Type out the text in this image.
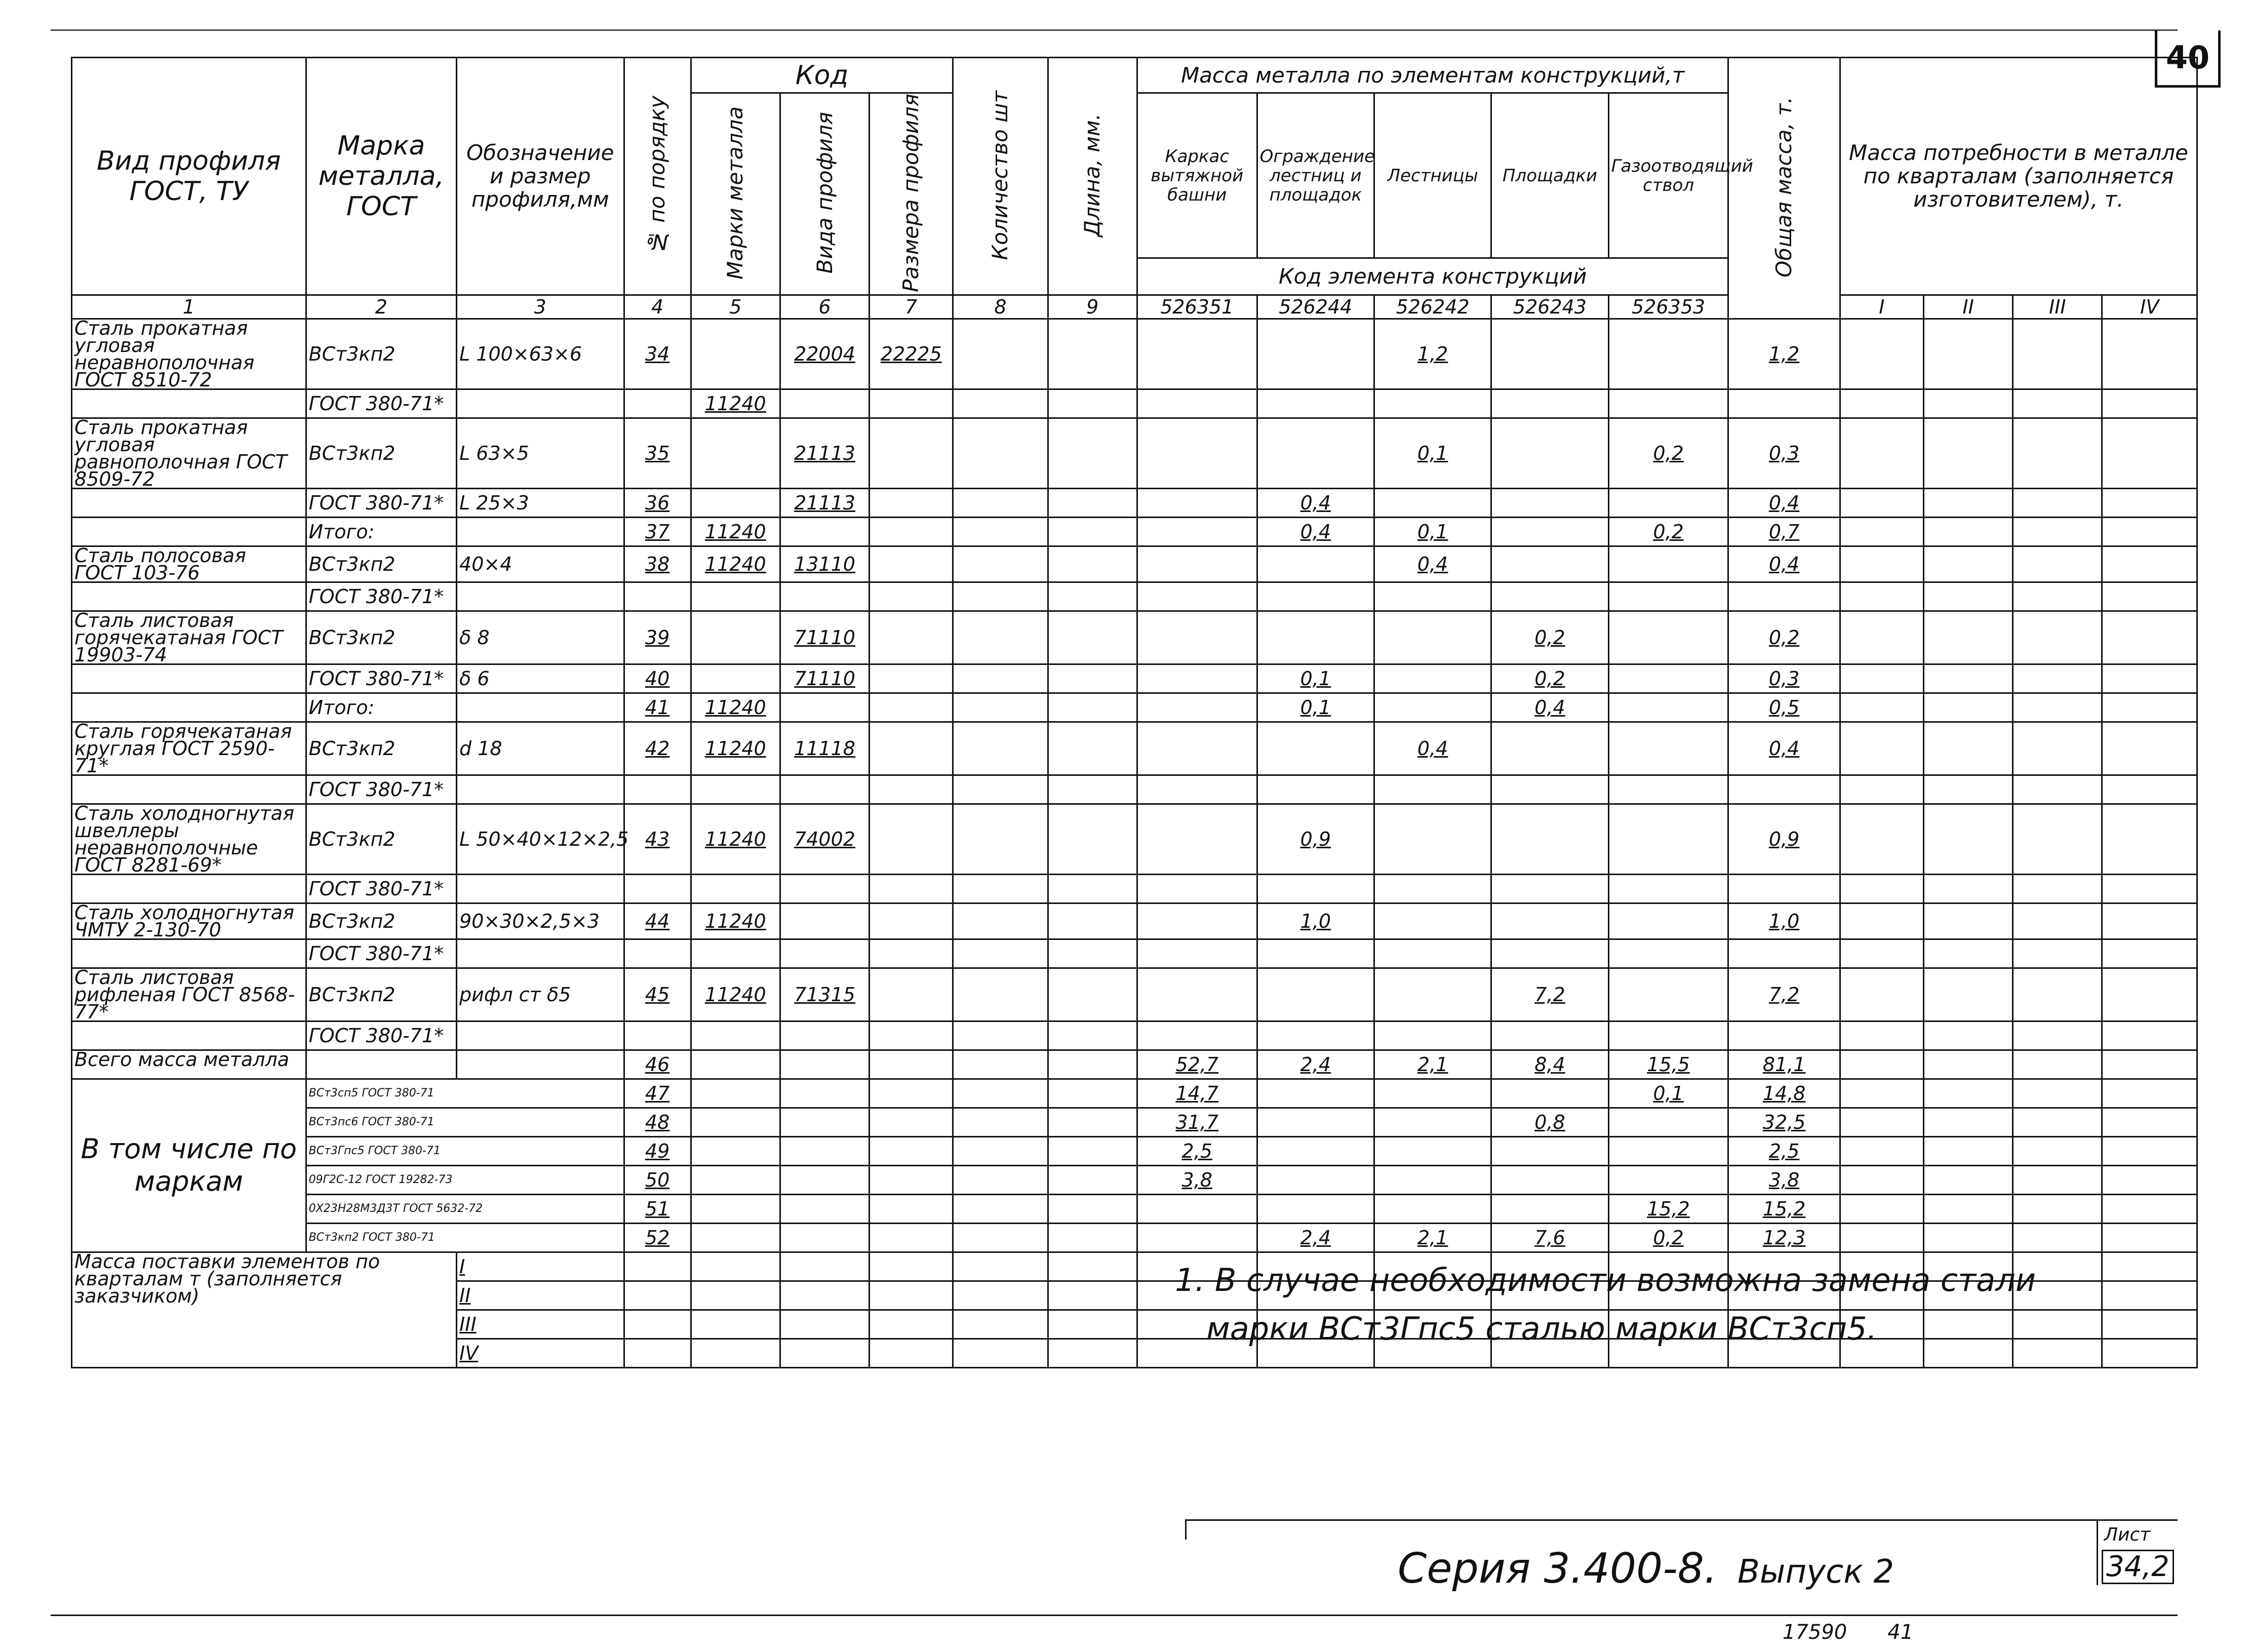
40
Вид профиля ГОСТ, ТУ	Марка металла, ГОСТ	Обозначение и размер профиля,мм	№ по порядку	Код			Количество шт	Длина, мм.	Масса металла по элементам конструкций,т					Общая масса, т.	Масса потребности в металле по кварталам (заполняется изготовителем), т.			
				Марки металла	Вида профиля	Размера профиля			Каркас вытяжной башни	Ограждение лестниц и площадок	Лестницы	Площадки	Газоотводящий ствол					
									Код элемента конструкций									
1	2	3	4	5	6	7	8	9	526351	526244	526242	526243	526353		I	II	III	IV
Сталь прокатная угловая неравнополочная ГОСТ 8510-72	ВСт3кп2	L 100×63×6	34		22004	22225					1,2			1,2				
	ГОСТ 380-71*			11240														
Сталь прокатная угловая равнополочная ГОСТ 8509-72	ВСт3кп2	L 63×5	35		21113						0,1		0,2	0,3				
	ГОСТ 380-71*	L 25×3	36		21113					0,4				0,4				
	Итого:		37	11240						0,4	0,1		0,2	0,7				
Сталь полосовая ГОСТ 103-76	ВСт3кп2	40×4	38	11240	13110						0,4			0,4				
	ГОСТ 380-71*																	
Сталь листовая горячекатаная ГОСТ 19903-74	ВСт3кп2	δ 8	39		71110							0,2		0,2				
	ГОСТ 380-71*	δ 6	40		71110					0,1		0,2		0,3				
	Итого:		41	11240						0,1		0,4		0,5				
Сталь горячекатаная круглая ГОСТ 2590-71*	ВСт3кп2	d 18	42	11240	11118						0,4			0,4				
	ГОСТ 380-71*																	
Сталь холодногнутая швеллеры неравнополочные ГОСТ 8281-69*	ВСт3кп2	L 50×40×12×2,5	43	11240	74002					0,9				0,9				
	ГОСТ 380-71*																	
Сталь холодногнутая ЧМТУ 2-130-70	ВСт3кп2	90×30×2,5×3	44	11240						1,0				1,0				
	ГОСТ 380-71*																	
Сталь листовая рифленая ГОСТ 8568-77*	ВСт3кп2	рифл ст δ5	45	11240	71315							7,2		7,2				
	ГОСТ 380-71*																	
Всего масса металла			46						52,7	2,4	2,1	8,4	15,5	81,1				
В том числе по маркам	ВСт3сп5 ГОСТ 380-71		47						14,7				0,1	14,8				
	ВСт3пс6 ГОСТ 380-71		48						31,7			0,8		32,5				
	ВСт3Гпс5 ГОСТ 380-71		49						2,5					2,5				
	09Г2С-12 ГОСТ 19282-73		50						3,8					3,8				
	0Х23Н28М3Д3Т ГОСТ 5632-72		51										15,2	15,2				
	ВСт3кп2 ГОСТ 380-71		52							2,4	2,1	7,6	0,2	12,3				
Масса поставки элементов по кварталам т (заполняется заказчиком)		I																
		II																
		III																
		IV																
1. В случае необходимости возможна замена стали
марки ВСт3Гпс5 сталью марки ВСт3сп5.
Серия 3.400-8. Выпуск 2
Лист
34,2
17590 41
